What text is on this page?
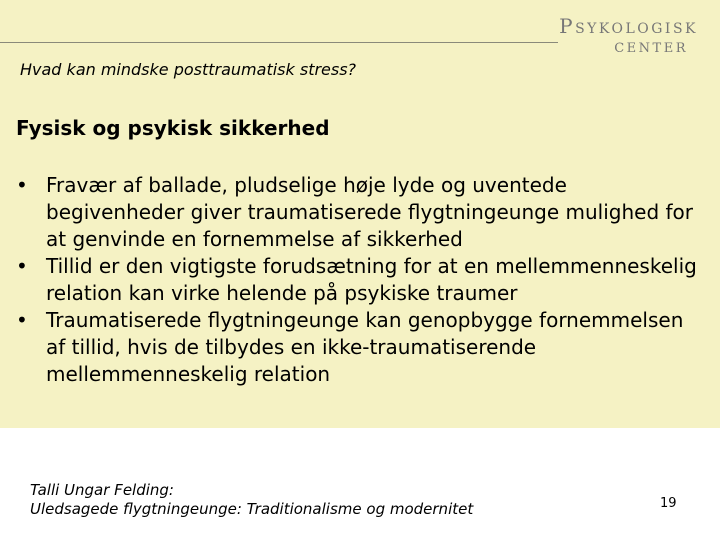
Psykologisk
center
Hvad kan mindske posttraumatisk stress?
Fysisk og psykisk sikkerhed
• Fravær af ballade, pludselige høje lyde og uventede begivenheder giver traumatiserede flygtningeunge mulighed for at genvinde en fornemmelse af sikkerhed
• Tillid er den vigtigste forudsætning for at en mellemmenneskelig relation kan virke helende på psykiske traumer
• Traumatiserede flygtningeunge kan genopbygge fornemmelsen af tillid, hvis de tilbydes en ikke-traumatiserende mellemmenneskelig relation
Talli Ungar Felding:
Uledsagede flygtningeunge: Traditionalisme og modernitet	19
